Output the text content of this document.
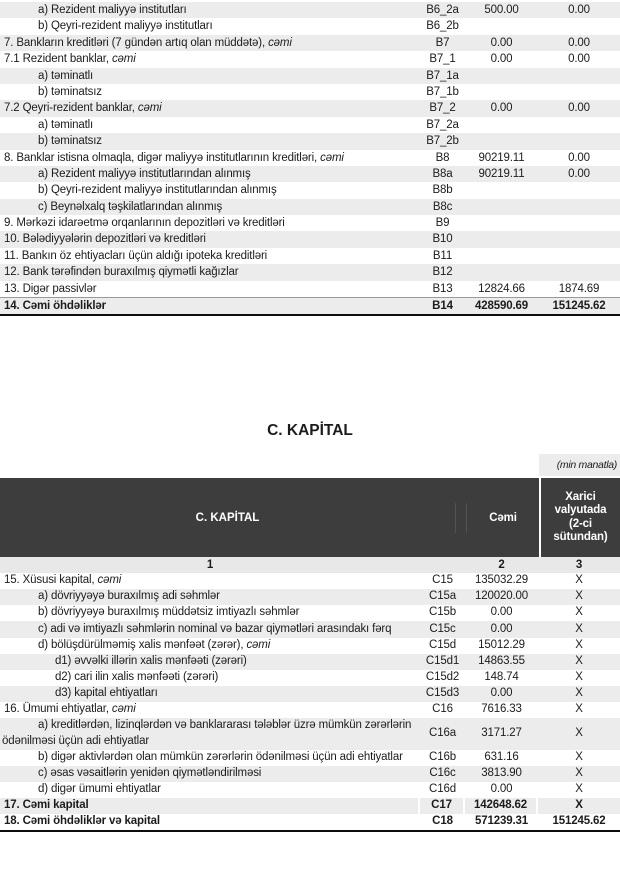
a) Rezident maliyyə institutları	B6_2a	500.00	0.00
b) Qeyri-rezident maliyyə institutları	B6_2b
7. Bankların kreditləri (7 gündən artıq olan müddətə), cəmi	B7	0.00	0.00
7.1 Rezident banklar, cəmi	B7_1	0.00	0.00
a) təminatlı	B7_1a
b) təminatsız	B7_1b
7.2 Qeyri-rezident banklar, cəmi	B7_2	0.00	0.00
a) təminatlı	B7_2a
b) təminatsız	B7_2b
8. Banklar istisna olmaqla, digər maliyyə institutlarının kreditləri, cəmi	B8	90219.11	0.00
a) Rezident maliyyə institutlarından alınmış	B8a	90219.11	0.00
b) Qeyri-rezident maliyyə institutlarından alınmış	B8b
c) Beynəlxalq təşkilatlarından alınmış	B8c
9. Mərkəzi idarəetmə orqanlarının depozitləri və kreditləri	B9
10. Bələdiyyələrin depozitləri və kreditləri	B10
11. Bankın öz ehtiyacları üçün aldığı ipoteka kreditləri	B11
12. Bank tərəfindən buraxılmış qiymətli kağızlar	B12
13. Digər passivlər	B13	12824.66	1874.69
14. Cəmi öhdəliklər	B14	428590.69	151245.62
C. KAPİTAL
(min manatla)
C. KAPİTAL	Cəmi
Xarici valyutada (2-ci sütundan)
1	2	3
15. Xüsusi kapital, cəmi	C15	135032.29	X
a) dövriyyəyə buraxılmış adi səhmlər	C15a	120020.00	X
b) dövriyyəyə buraxılmış müddətsiz imtiyazlı səhmlər	C15b	0.00	X
c) adi və imtiyazlı səhmlərin nominal və bazar qiymətləri arasındakı fərq	C15c	0.00	X
d) bölüşdürülməmiş xalis mənfəət (zərər), cəmi	C15d	15012.29	X
d1) əvvəlki illərin xalis mənfəəti (zərəri)	C15d1	14863.55	X
d2) cari ilin xalis mənfəəti (zərəri)	C15d2	148.74	X
d3) kapital ehtiyatları	C15d3	0.00	X
16. Ümumi ehtiyatlar, cəmi	C16	7616.33	X
a) kreditlərdən, lizinqlərdən və banklararası tələblər üzrə mümkün zərərlərin ödənilməsi üçün adi ehtiyatlar
C16a	3171.27	X
b) digər aktivlərdən olan mümkün zərərlərin ödənilməsi üçün adi ehtiyatlar	C16b	631.16	X
c) əsas vəsaitlərin yenidən qiymətləndirilməsi	C16c	3813.90	X
d) digər ümumi ehtiyatlar	C16d	0.00	X
17. Cəmi kapital	C17	142648.62	X
18. Cəmi öhdəliklər və kapital	C18	571239.31	151245.62
